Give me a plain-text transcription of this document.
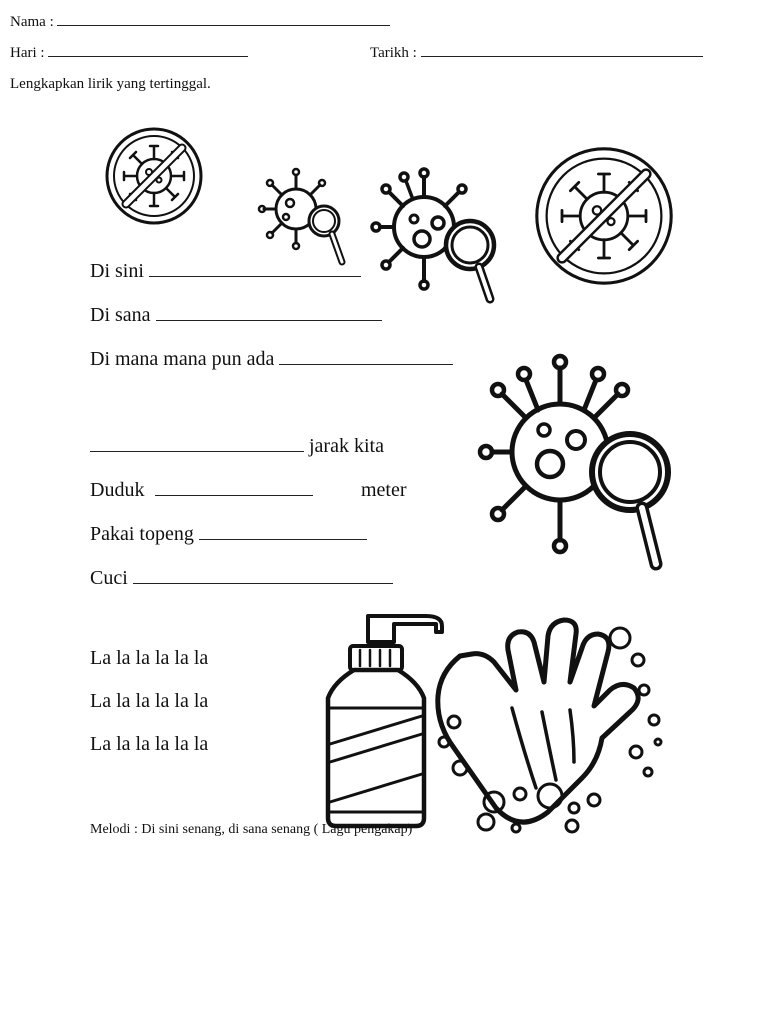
Nama :
Hari :	Tarikh :
Lengkapkan lirik yang tertinggal.
Di sini
Di sana
Di mana mana pun ada
jarak kita
Duduk	meter
Pakai topeng
Cuci
La la la la la la
La la la la la la
La la la la la la
Melodi : Di sini senang, di sana senang ( Lagu pengakap)
